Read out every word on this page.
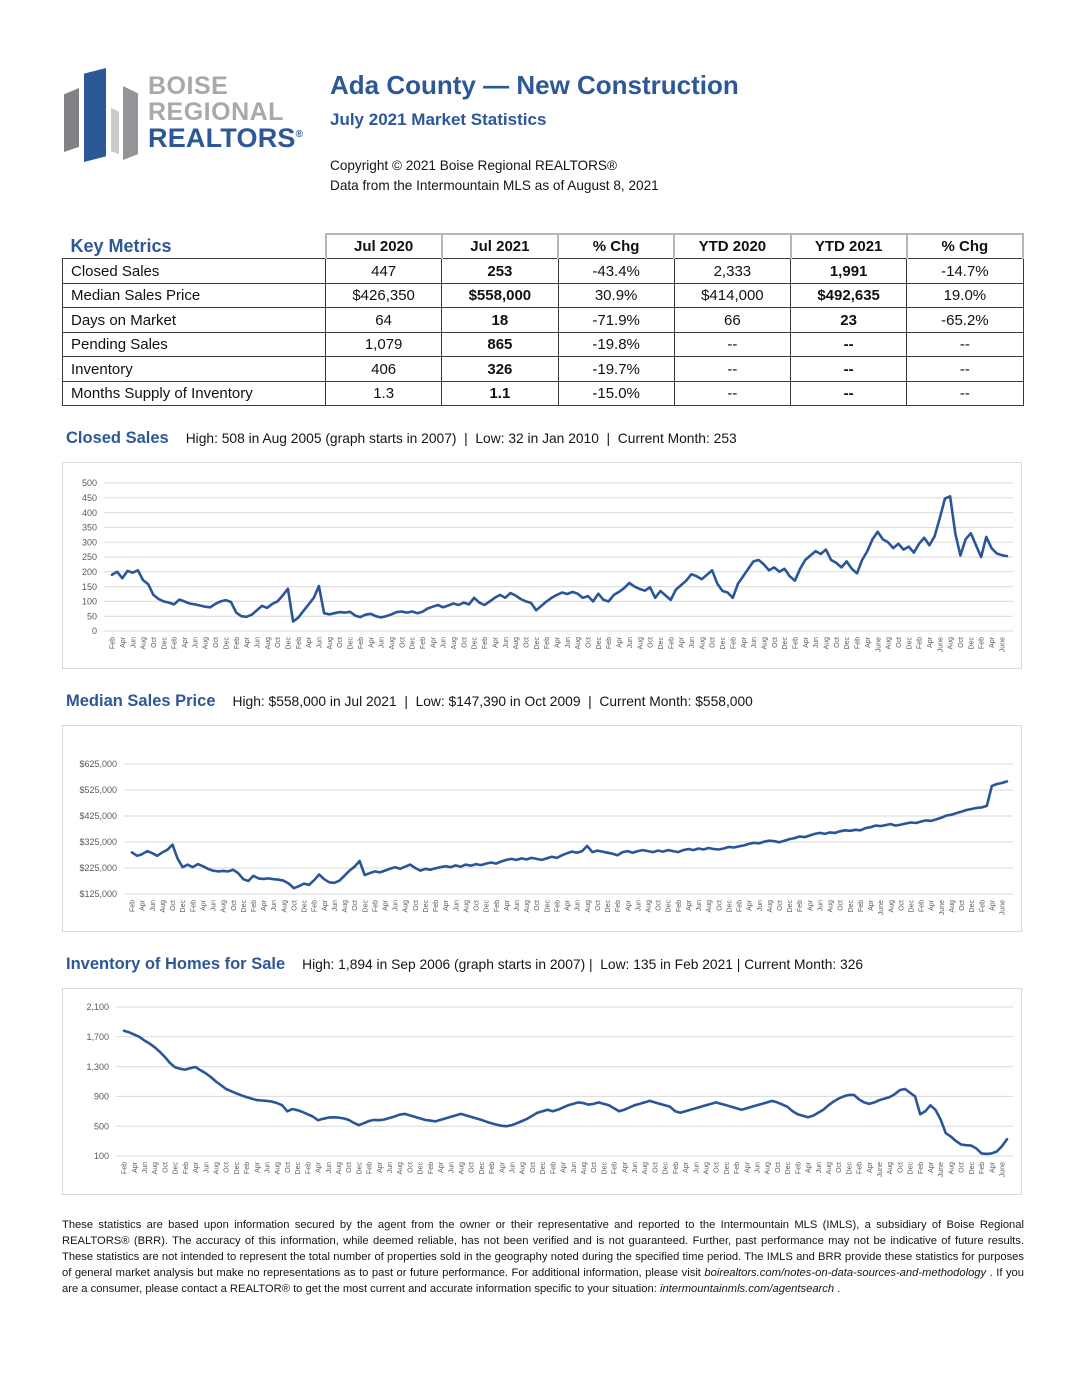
BOISE
REGIONAL
REALTORS®
Ada County — New Construction
July 2021 Market Statistics
Copyright © 2021 Boise Regional REALTORS®
Data from the Intermountain MLS as of August 8, 2021
Key Metrics	Jul 2020	Jul 2021	% Chg	YTD 2020	YTD 2021	% Chg
Closed Sales	447	253	-43.4%	2,333	1,991	-14.7%
Median Sales Price	$426,350	$558,000	30.9%	$414,000	$492,635	19.0%
Days on Market	64	18	-71.9%	66	23	-65.2%
Pending Sales	1,079	865	-19.8%	--	--	--
Inventory	406	326	-19.7%	--	--	--
Months Supply of Inventory	1.3	1.1	-15.0%	--	--	--
Closed Sales High: 508 in Aug 2005 (graph starts in 2007)  |  Low: 32 in Jan 2010  |  Current Month: 253
0
50
100
150
200
250
300
350
400
450
500
Feb Apr Jun Aug Oct Dec Feb Apr Jun Aug Oct Dec Feb Apr Jun Aug Oct Dec Feb Apr Jun Aug Oct Dec Feb Apr Jun Aug Oct Dec Feb Apr Jun Aug Oct Dec Feb Apr Jun Aug Oct Dec Feb Apr Jun Aug Oct Dec Feb Apr Jun Aug Oct Dec Feb Apr Jun Aug Oct Dec Feb Apr Jun Aug Oct Dec Feb Apr Jun Aug Oct Dec Feb Apr June Aug Oct Dec Feb Apr June Aug Oct Dec Feb Apr June
Median Sales Price High: $558,000 in Jul 2021  |  Low: $147,390 in Oct 2009  |  Current Month: $558,000
$125,000
$225,000
$325,000
$425,000
$525,000
$625,000
Feb Apr Jun Aug Oct Dec Feb Apr Jun Aug Oct Dec Feb Apr Jun Aug Oct Dec Feb Apr Jun Aug Oct Dec Feb Apr Jun Aug Oct Dec Feb Apr Jun Aug Oct Dec Feb Apr Jun Aug Oct Dec Feb Apr Jun Aug Oct Dec Feb Apr Jun Aug Oct Dec Feb Apr Jun Aug Oct Dec Feb Apr Jun Aug Oct Dec Feb Apr Jun Aug Oct Dec Feb Apr June Aug Oct Dec Feb Apr June Aug Oct Dec Feb Apr June
Inventory of Homes for Sale High: 1,894 in Sep 2006 (graph starts in 2007) |  Low: 135 in Feb 2021 | Current Month: 326
100
500
900
1,300
1,700
2,100
Feb Apr Jun Aug Oct Dec Feb Apr Jun Aug Oct Dec Feb Apr Jun Aug Oct Dec Feb Apr Jun Aug Oct Dec Feb Apr Jun Aug Oct Dec Feb Apr Jun Aug Oct Dec Feb Apr Jun Aug Oct Dec Feb Apr Jun Aug Oct Dec Feb Apr Jun Aug Oct Dec Feb Apr Jun Aug Oct Dec Feb Apr Jun Aug Oct Dec Feb Apr Jun Aug Oct Dec Feb Apr June Aug Oct Dec Feb Apr June Aug Oct Dec Feb Apr June

These statistics are based upon information secured by the agent from the owner or their representative and reported to the Intermountain MLS (IMLS), a subsidiary of Boise Regional REALTORS® (BRR). The accuracy of this information, while deemed reliable, has not been verified and is not guaranteed. Further, past performance may not be indicative of future results. These statistics are not intended to represent the total number of properties sold in the geography noted during the specified time period. The IMLS and BRR provide these statistics for purposes of general market analysis but make no representations as to past or future performance. For additional information, please visit boirealtors.com/notes-on-data-sources-and-methodology . If you are a consumer, please contact a REALTOR® to get the most current and accurate information specific to your situation: intermountainmls.com/agentsearch .
